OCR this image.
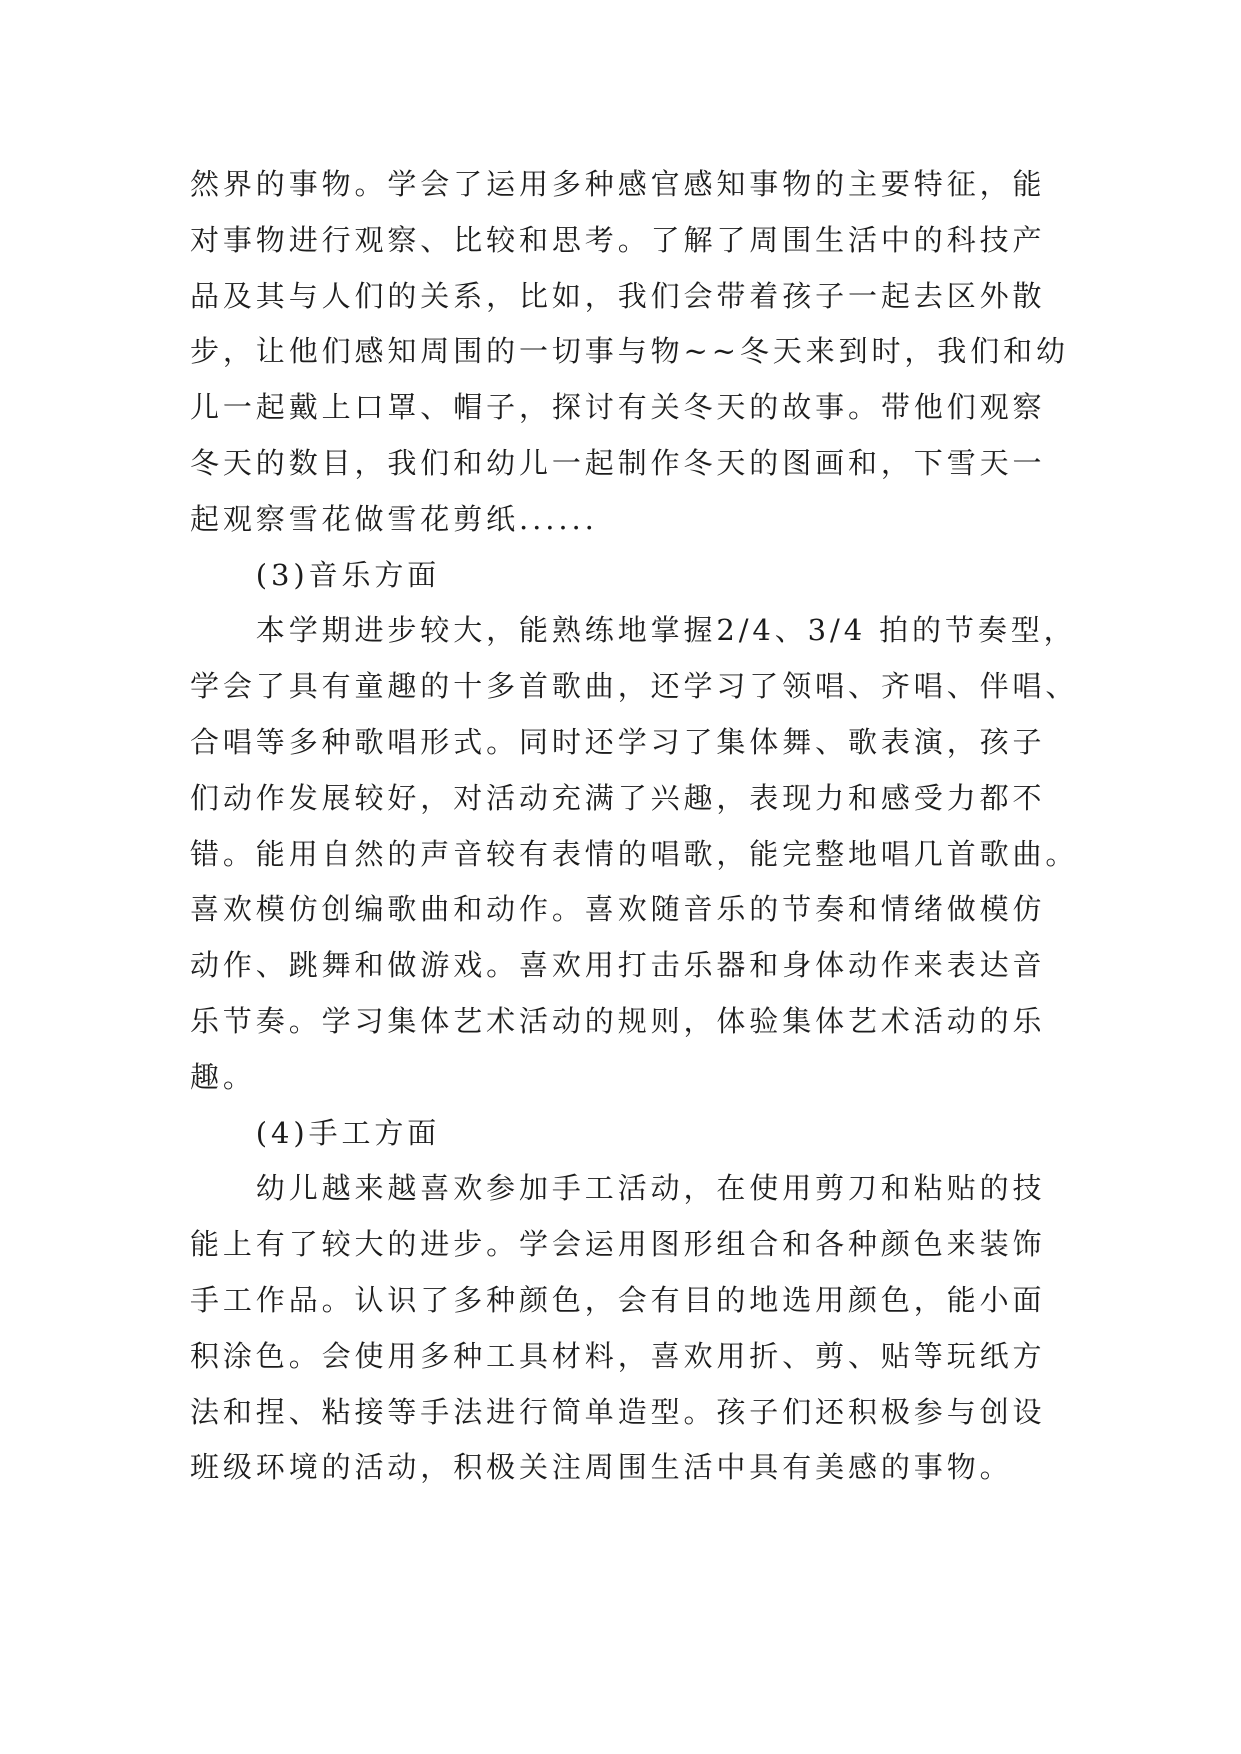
然界的事物。学会了运用多种感官感知事物的主要特征，能
对事物进行观察、比较和思考。了解了周围生活中的科技产
品及其与人们的关系，比如，我们会带着孩子一起去区外散
步，让他们感知周围的一切事与物~~冬天来到时，我们和幼
儿一起戴上口罩、帽子，探讨有关冬天的故事。带他们观察
冬天的数目，我们和幼儿一起制作冬天的图画和，下雪天一
起观察雪花做雪花剪纸......
(3)音乐方面
本学期进步较大，能熟练地掌握2/4、3/4 拍的节奏型，
学会了具有童趣的十多首歌曲，还学习了领唱、齐唱、伴唱、
合唱等多种歌唱形式。同时还学习了集体舞、歌表演，孩子
们动作发展较好，对活动充满了兴趣，表现力和感受力都不
错。能用自然的声音较有表情的唱歌，能完整地唱几首歌曲。
喜欢模仿创编歌曲和动作。喜欢随音乐的节奏和情绪做模仿
动作、跳舞和做游戏。喜欢用打击乐器和身体动作来表达音
乐节奏。学习集体艺术活动的规则，体验集体艺术活动的乐
趣。
(4)手工方面
幼儿越来越喜欢参加手工活动，在使用剪刀和粘贴的技
能上有了较大的进步。学会运用图形组合和各种颜色来装饰
手工作品。认识了多种颜色，会有目的地选用颜色，能小面
积涂色。会使用多种工具材料，喜欢用折、剪、贴等玩纸方
法和捏、粘接等手法进行简单造型。孩子们还积极参与创设
班级环境的活动，积极关注周围生活中具有美感的事物。
